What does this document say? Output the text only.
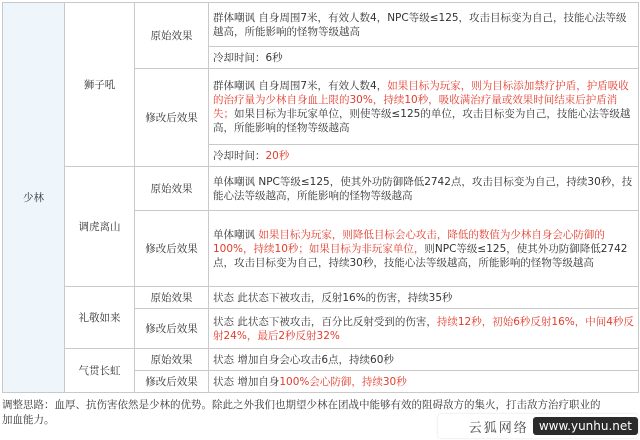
少林	狮子吼	原始效果	群体嘲讽 自身周围7米，有效人数4，NPC等级≤125，攻击目标变为自己，技能心法等级越高，所能影响的怪物等级越高
			冷却时间：6秒
		修改后效果	群体嘲讽 自身周围7米，有效人数4，如果目标为玩家，则为目标添加禁疗护盾，护盾吸收的治疗量为少林自身血上限的30%，持续10秒，吸收满治疗量或效果时间结束后护盾消失；如果目标为非玩家单位，则使等级≤125的单位，攻击目标变为自己，技能心法等级越高，所能影响的怪物等级越高
			冷却时间：20秒
	调虎离山	原始效果	单体嘲讽 NPC等级≤125，使其外功防御降低2742点，攻击目标变为自己，持续30秒，技能心法等级越高，所能影响的怪物等级越高
		修改后效果	单体嘲讽 如果目标为玩家，则降低目标会心攻击，降低的数值为少林自身会心防御的100%，持续10秒；如果目标为非玩家单位，则NPC等级≤125，使其外功防御降低2742点，攻击目标变为自己，持续30秒，技能心法等级越高，所能影响的怪物等级越高
	礼敬如来	原始效果	状态 此状态下被攻击，反射16%的伤害，持续35秒
		修改后效果	状态 此状态下被攻击，百分比反射受到的伤害，持续12秒，初始6秒反射16%，中间4秒反射24%，最后2秒反射32%
	气贯长虹	原始效果	状态 增加自身会心攻击6点，持续60秒
		修改后效果	状态 增加自身100%会心防御，持续30秒
调整思路：血厚、抗伤害依然是少林的优势。除此之外我们也期望少林在团战中能够有效的阻碍敌方的集火，打击敌方治疗职业的加血能力。
云狐网络 www.yunhu.net
